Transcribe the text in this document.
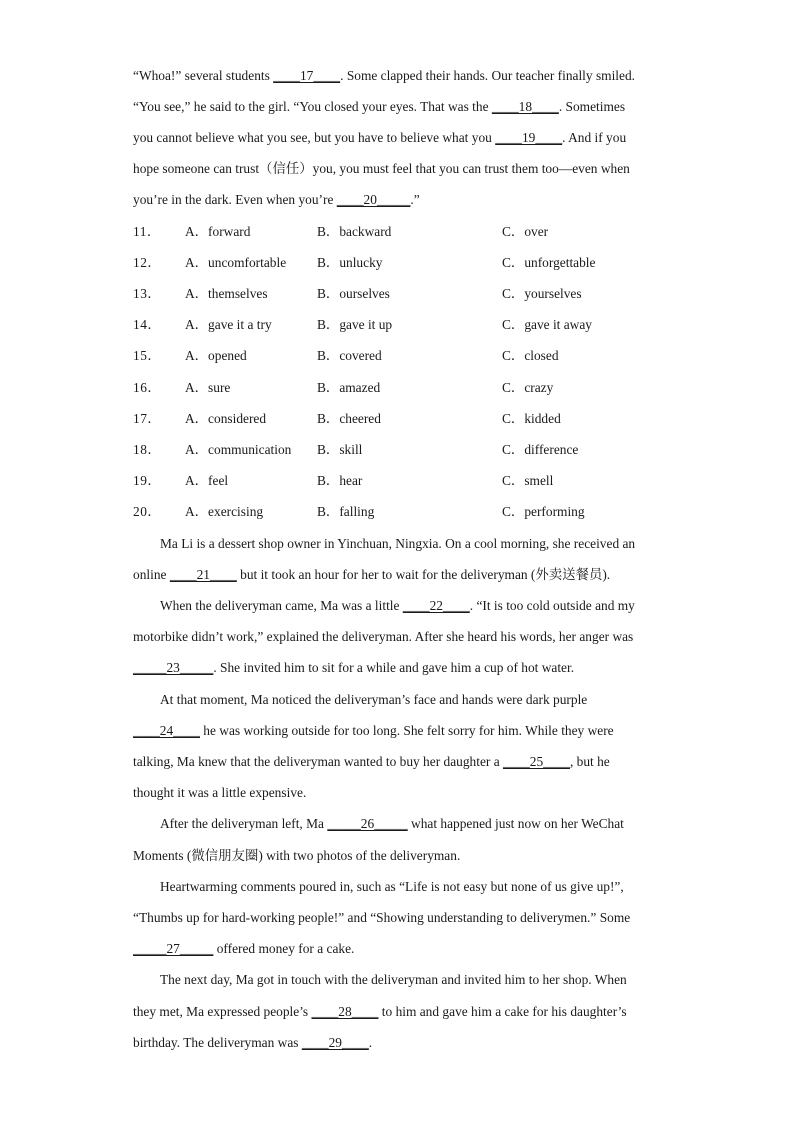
“Whoa!” several students ____17____. Some clapped their hands. Our teacher finally smiled.
“You see,” he said to the girl. “You closed your eyes. That was the ____18____. Sometimes
you cannot believe what you see, but you have to believe what you ____19____. And if you
hope someone can trust（信任）you, you must feel that you can trust them too—even when
you’re in the dark. Even when you’re ____20_____.”
11． A．forward	B．backward	C．over
12． A．uncomfortable B．unlucky	C．unforgettable
13． A．themselves	B．ourselves	C．yourselves
14． A．gave it a try	B．gave it up	C．gave it away
15． A．opened	B．covered	C．closed
16． A．sure	B．amazed	C．crazy
17． A．considered	B．cheered	C．kidded
18． A．communication B．skill	C．difference
19． A．feel	B．hear	C．smell
20． A．exercising	B．falling	C．performing
Ma Li is a dessert shop owner in Yinchuan, Ningxia. On a cool morning, she received an
online ____21____ but it took an hour for her to wait for the deliveryman (外卖送餐员).
When the deliveryman came, Ma was a little ____22____. “It is too cold outside and my
motorbike didn’t work,” explained the deliveryman. After she heard his words, her anger was
_____23_____. She invited him to sit for a while and gave him a cup of hot water.
At that moment, Ma noticed the deliveryman’s face and hands were dark purple
____24____ he was working outside for too long. She felt sorry for him. While they were
talking, Ma knew that the deliveryman wanted to buy her daughter a ____25____, but he
thought it was a little expensive.
After the deliveryman left, Ma _____26_____ what happened just now on her WeChat
Moments (微信朋友圈) with two photos of the deliveryman.
Heartwarming comments poured in, such as “Life is not easy but none of us give up!”,
“Thumbs up for hard-working people!” and “Showing understanding to deliverymen.” Some
_____27_____ offered money for a cake.
The next day, Ma got in touch with the deliveryman and invited him to her shop. When
they met, Ma expressed people’s ____28____ to him and gave him a cake for his daughter’s
birthday. The deliveryman was ____29____.
